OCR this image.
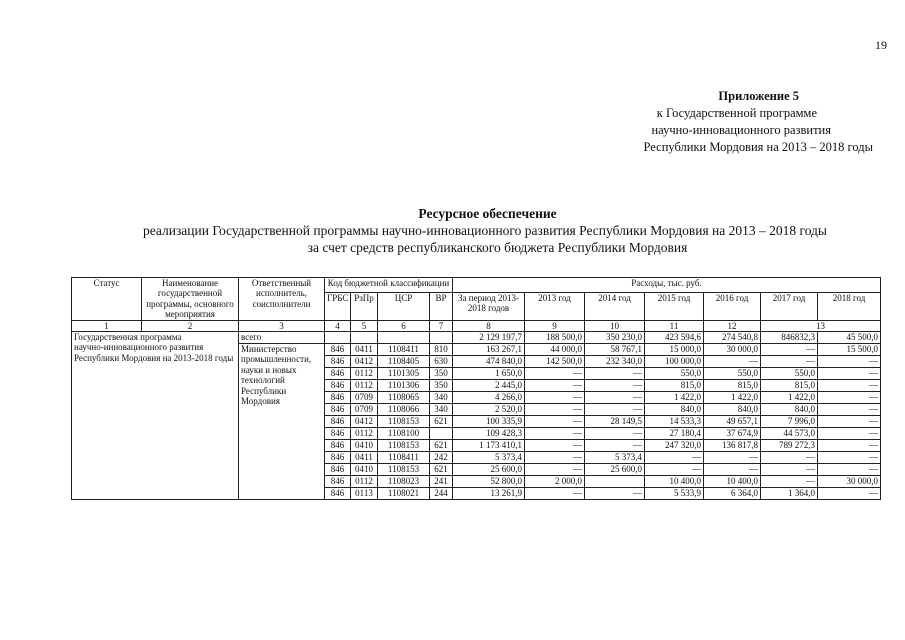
19
Приложение 5
к Государственной программе
научно-инновационного развития
Республики Мордовия на 2013 – 2018 годы
Ресурсное обеспечение
реализации Государственной программы научно-инновационного развития Республики Мордовия на 2013 – 2018 годы
за счет средств республиканского бюджета Республики Мордовия
Статус	Наименование государственной программы, основного мероприятия	Ответственный исполнитель, соисполнители	Код бюджетной классификации				Расходы, тыс. руб.						
			ГРБС	РзПр	ЦСР	ВР	За период 2013-2018 годов	2013 год	2014 год	2015 год	2016 год	2017 год	2018 год
1	2	3	4	5	6	7	8	9	10	11	12	13	
Государственная программа
научно-инновационного развития Республики Мордовия на 2013-2018 годы		всего					2 129 197,7	188 500,0	350 230,0	423 594,6	274 540,8	846832,3	45 500,0
		Министерство промышленности, науки и новых технологий Республики Мордовия	846	0411	1108411	810	163 267,1	44 000,0	58 767,1	15 000,0	30 000,0	—	15 500,0
			846	0412	1108405	630	474 840,0	142 500,0	232 340,0	100 000,0	—	—	—
			846	0112	1101305	350	1 650,0	—	—	550,0	550,0	550,0	—
			846	0112	1101306	350	2 445,0	—	—	815,0	815,0	815,0	—
			846	0709	1108065	340	4 266,0	—	—	1 422,0	1 422,0	1 422,0	—
			846	0709	1108066	340	2 520,0	—	—	840,0	840,0	840,0	—
			846	0412	1108153	621	100 335,9	—	28 149,5	14 533,3	49 657,1	7 996,0	—
			846	0112	1108100		109 428,3	—	—	27 180,4	37 674,9	44 573,0	—
			846	0410	1108153	621	1 173 410,1	—	—	247 320,0	136 817,8	789 272,3	—
			846	0411	1108411	242	5 373,4	—	5 373,4	—	—	—	—
			846	0410	1108153	621	25 600,0	—	25 600,0	—	—	—	—
			846	0112	1108023	241	52 800,0	2 000,0		10 400,0	10 400,0	—	30 000,0
			846	0113	1108021	244	13 261,9	—	—	5 533,9	6 364,0	1 364,0	—
